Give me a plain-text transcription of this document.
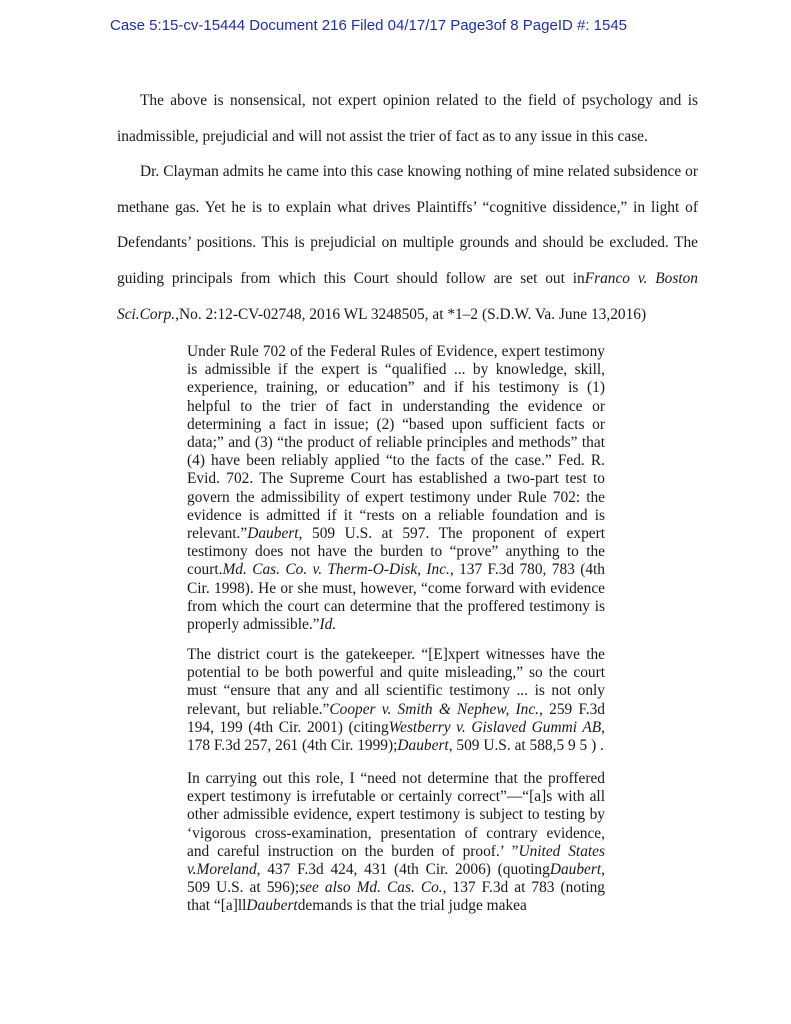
Case 5:15-cv-15444 Document 216 Filed 04/17/17 Page3of 8 PageID #: 1545

The above is nonsensical, not expert opinion related to the field of psychology and is inadmissible, prejudicial and will not assist the trier of fact as to any issue in this case.

Dr. Clayman admits he came into this case knowing nothing of mine related subsidence or methane gas. Yet he is to explain what drives Plaintiffs’ “cognitive dissidence,” in light of Defendants’ positions. This is prejudicial on multiple grounds and should be excluded. The guiding principals from which this Court should follow are set out inFranco v. Boston Sci.Corp.,No. 2:12-CV-02748, 2016 WL 3248505, at *1–2 (S.D.W. Va. June 13,2016)

Under Rule 702 of the Federal Rules of Evidence, expert testimony is admissible if the expert is “qualified ... by knowledge, skill, experience, training, or education” and if his testimony is (1) helpful to the trier of fact in understanding the evidence or determining a fact in issue; (2) “based upon sufficient facts or data;” and (3) “the product of reliable principles and methods” that (4) have been reliably applied “to the facts of the case.” Fed. R. Evid. 702. The Supreme Court has established a two-part test to govern the admissibility of expert testimony under Rule 702: the evidence is admitted if it “rests on a reliable foundation and is relevant.”Daubert, 509 U.S. at 597. The proponent of expert testimony does not have the burden to “prove” anything to the court.Md. Cas. Co. v. Therm-O-Disk, Inc., 137 F.3d 780, 783 (4th Cir. 1998). He or she must, however, “come forward with evidence from which the court can determine that the proffered testimony is properly admissible.”Id.

The district court is the gatekeeper. “[E]xpert witnesses have the potential to be both powerful and quite misleading,” so the court must “ensure that any and all scientific testimony ... is not only relevant, but reliable.”Cooper v. Smith & Nephew, Inc., 259 F.3d 194, 199 (4th Cir. 2001) (citingWestberry v. Gislaved Gummi AB, 178 F.3d 257, 261 (4th Cir. 1999);Daubert, 509 U.S. at 588,5 9 5 ) .

In carrying out this role, I “need not determine that the proffered expert testimony is irrefutable or certainly correct”—“[a]s with all other admissible evidence, expert testimony is subject to testing by ‘vigorous cross-examination, presentation of contrary evidence, and careful instruction on the burden of proof.’ ”United States v.Moreland, 437 F.3d 424, 431 (4th Cir. 2006) (quotingDaubert, 509 U.S. at 596);see also Md. Cas. Co., 137 F.3d at 783 (noting that “[a]llDaubertdemands is that the trial judge makea
